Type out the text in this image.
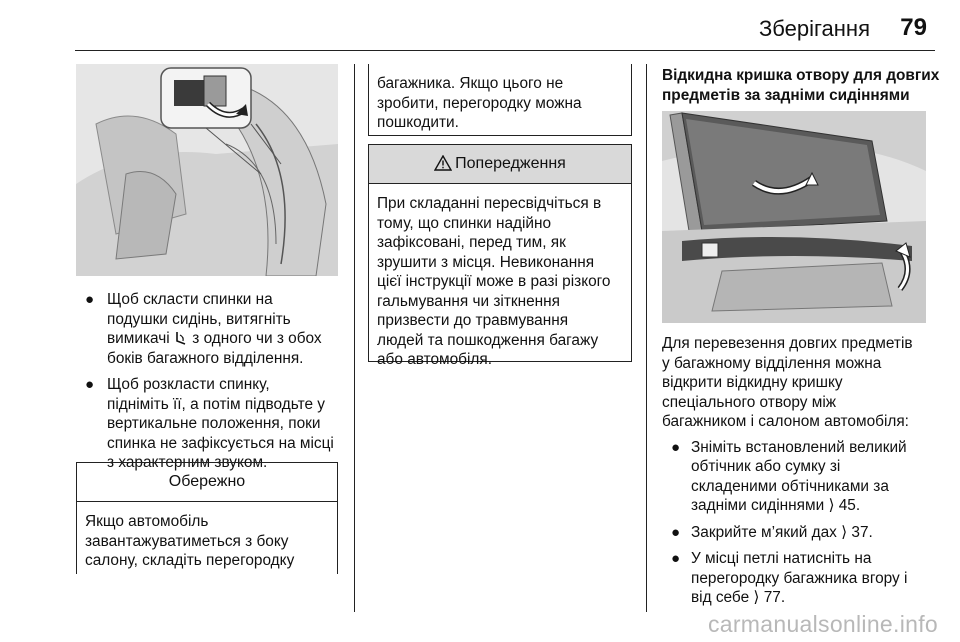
Зберігання 79
● Щоб скласти спинки на

подушки сидінь, витягніть

вимикачі  з одного чи з обох

боків багажного відділення.

● Щоб розкласти спинку,

підніміть її, а потім підводьте у

вертикальне положення, поки

спинка не зафіксується на місці

з характерним звуком.

Обережно

Якщо автомобіль

завантажуватиметься з боку

салону, складіть перегородку

багажника. Якщо цього не

зробити, перегородку можна

пошкодити.

Попередження

При складанні пересвідчіться в

тому, що спинки надійно

зафіксовані, перед тим, як

зрушити з місця. Невиконання

цієї інструкції може в разі різкого

гальмування чи зіткнення

призвести до травмування

людей та пошкодження багажу

або автомобіля.

Відкидна кришка отвору для довгих

предметів за задніми сидіннями

Для перевезення довгих предметів

у багажному відділення можна

відкрити відкидну кришку

спеціального отвору між

багажником і салоном автомобіля:

● Зніміть встановлений великий

обтічник або сумку зі

складеними обтічниками за

задніми сидіннями ⟩ 45.

● Закрийте м’який дах ⟩ 37.

● У місці петлі натисніть на

перегородку багажника вгору і

від себе ⟩ 77.

carmanualsonline.info
